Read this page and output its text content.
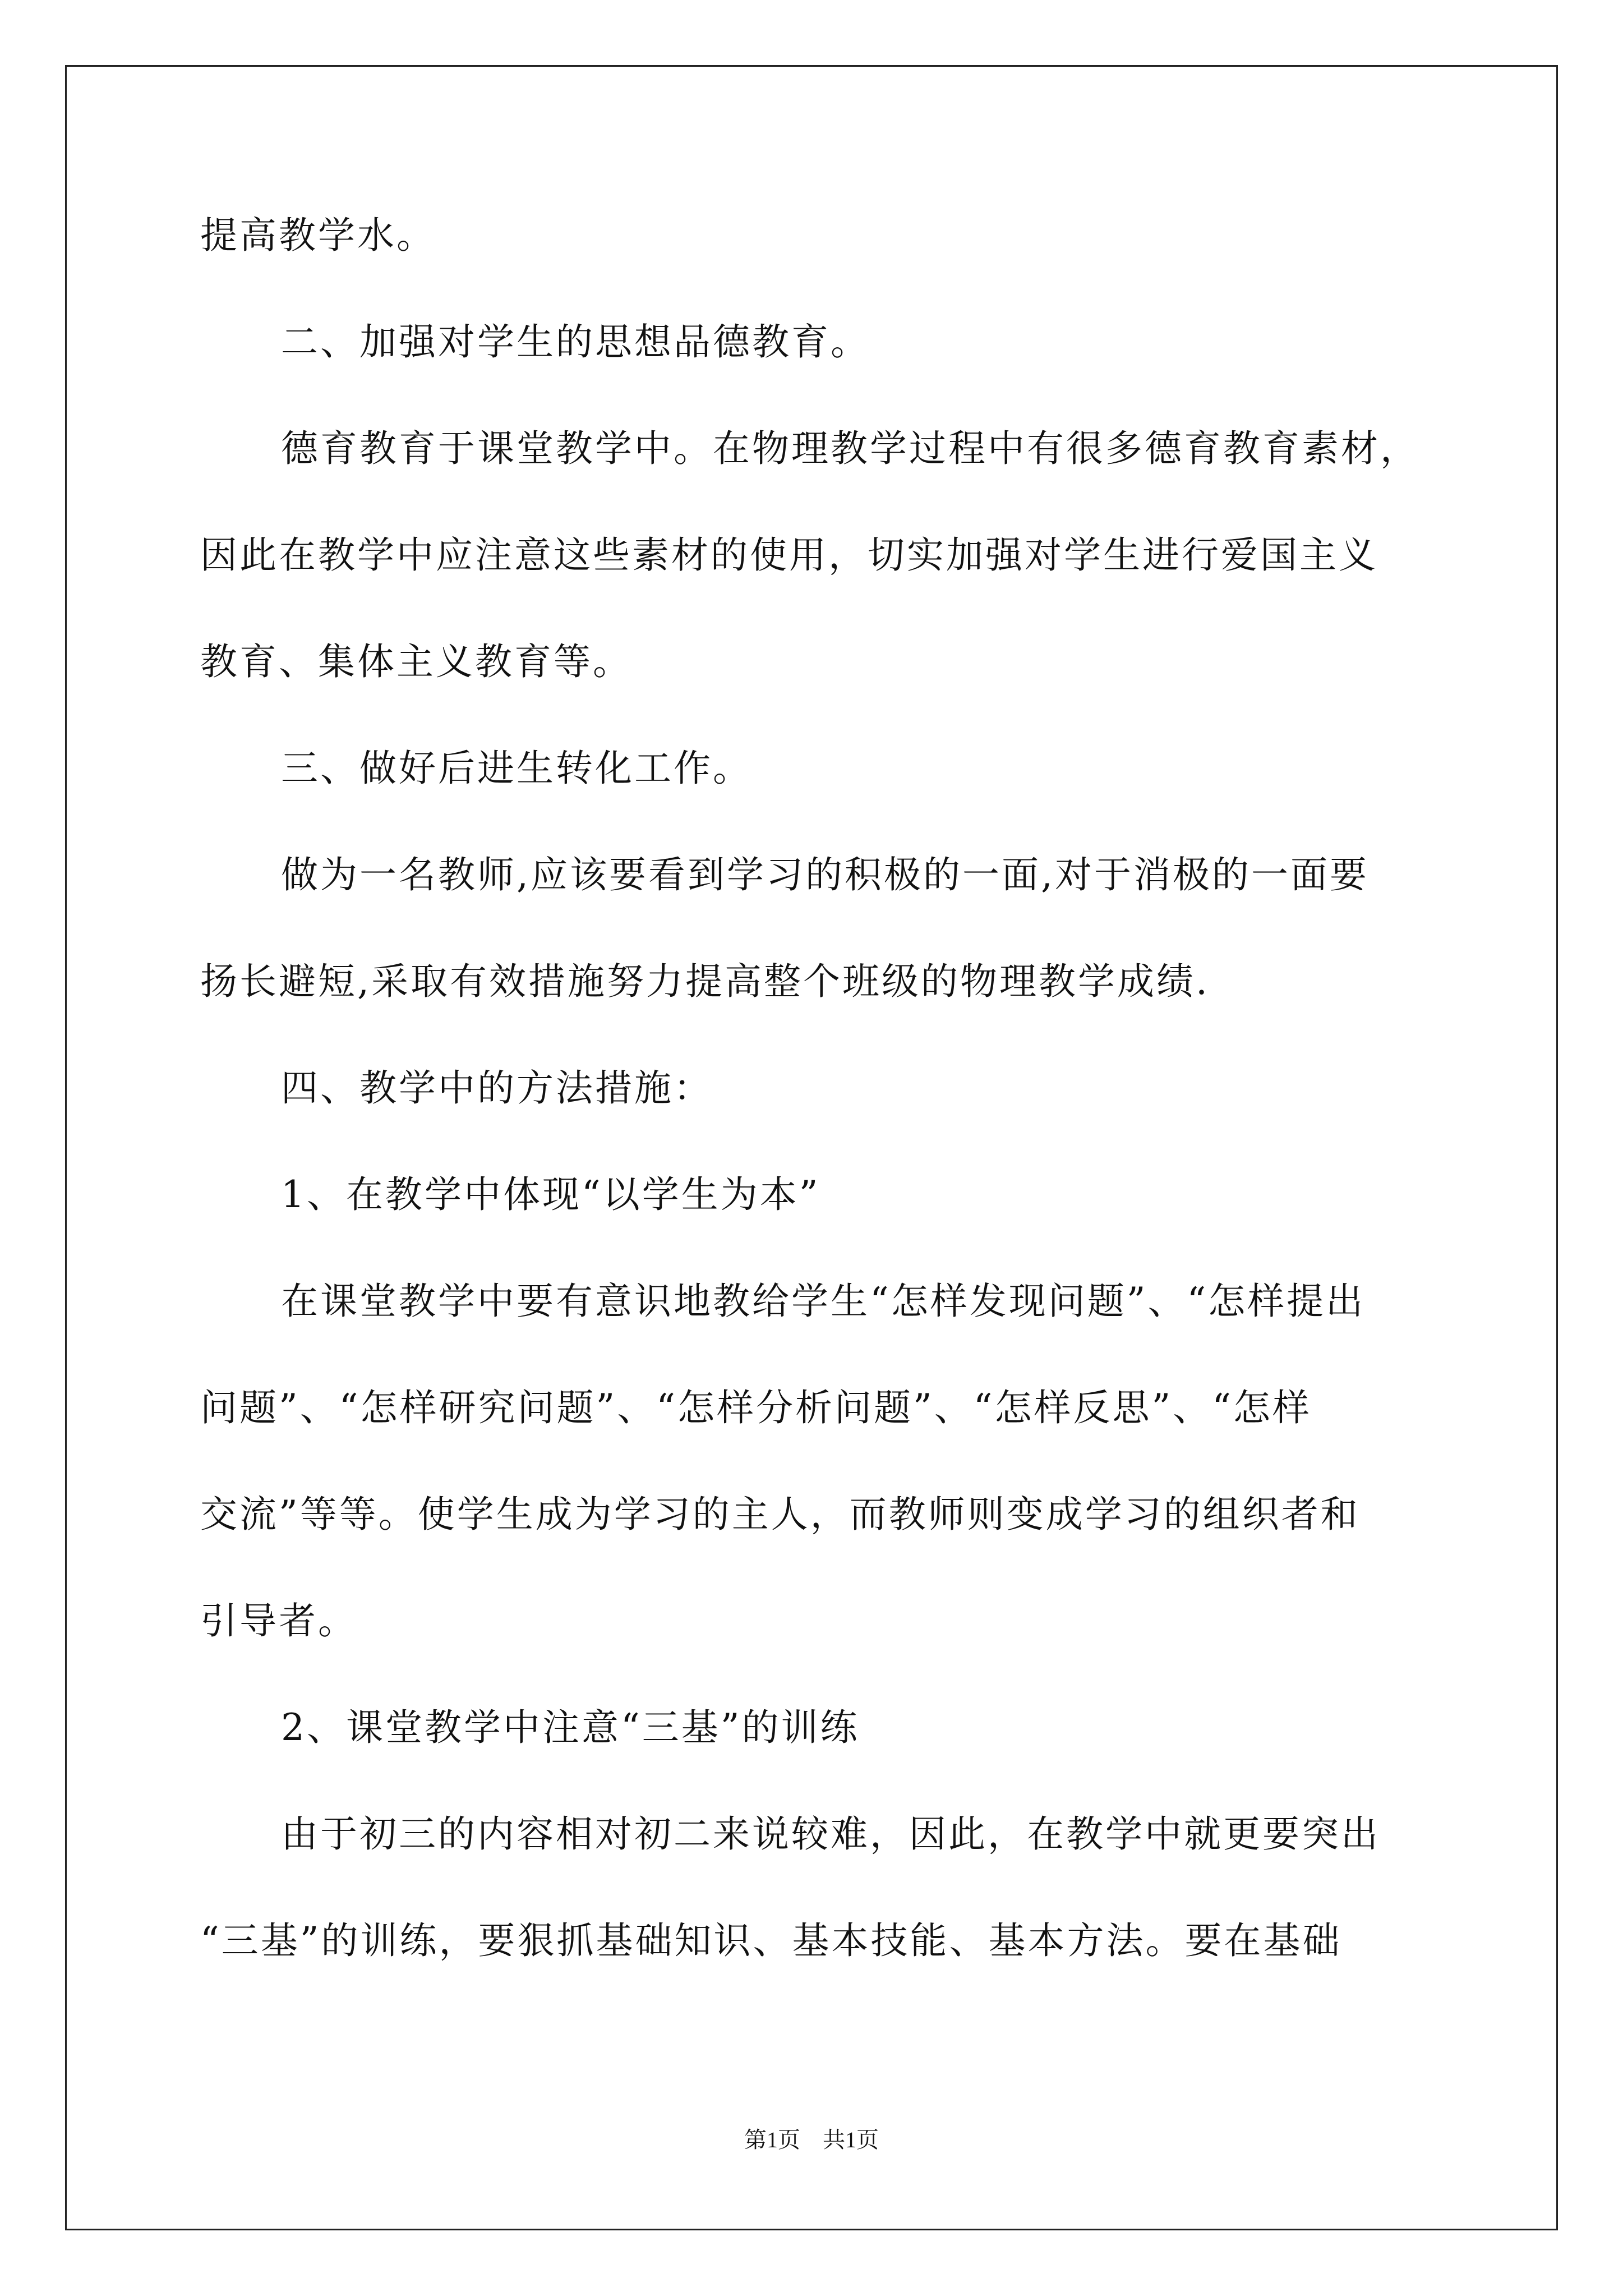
提高教学水。
二、加强对学生的思想品德教育。
德育教育于课堂教学中。在物理教学过程中有很多德育教育素材，
因此在教学中应注意这些素材的使用，切实加强对学生进行爱国主义
教育、集体主义教育等。
三、做好后进生转化工作。
做为一名教师,应该要看到学习的积极的一面,对于消极的一面要
扬长避短,采取有效措施努力提高整个班级的物理教学成绩.
四、教学中的方法措施：
1、在教学中体现“以学生为本”
在课堂教学中要有意识地教给学生“怎样发现问题”、“怎样提出
问题”、“怎样研究问题”、“怎样分析问题”、“怎样反思”、“怎样
交流”等等。使学生成为学习的主人，而教师则变成学习的组织者和
引导者。
2、课堂教学中注意“三基”的训练
由于初三的内容相对初二来说较难，因此，在教学中就更要突出
“三基”的训练，要狠抓基础知识、基本技能、基本方法。要在基础
第1页　共1页
